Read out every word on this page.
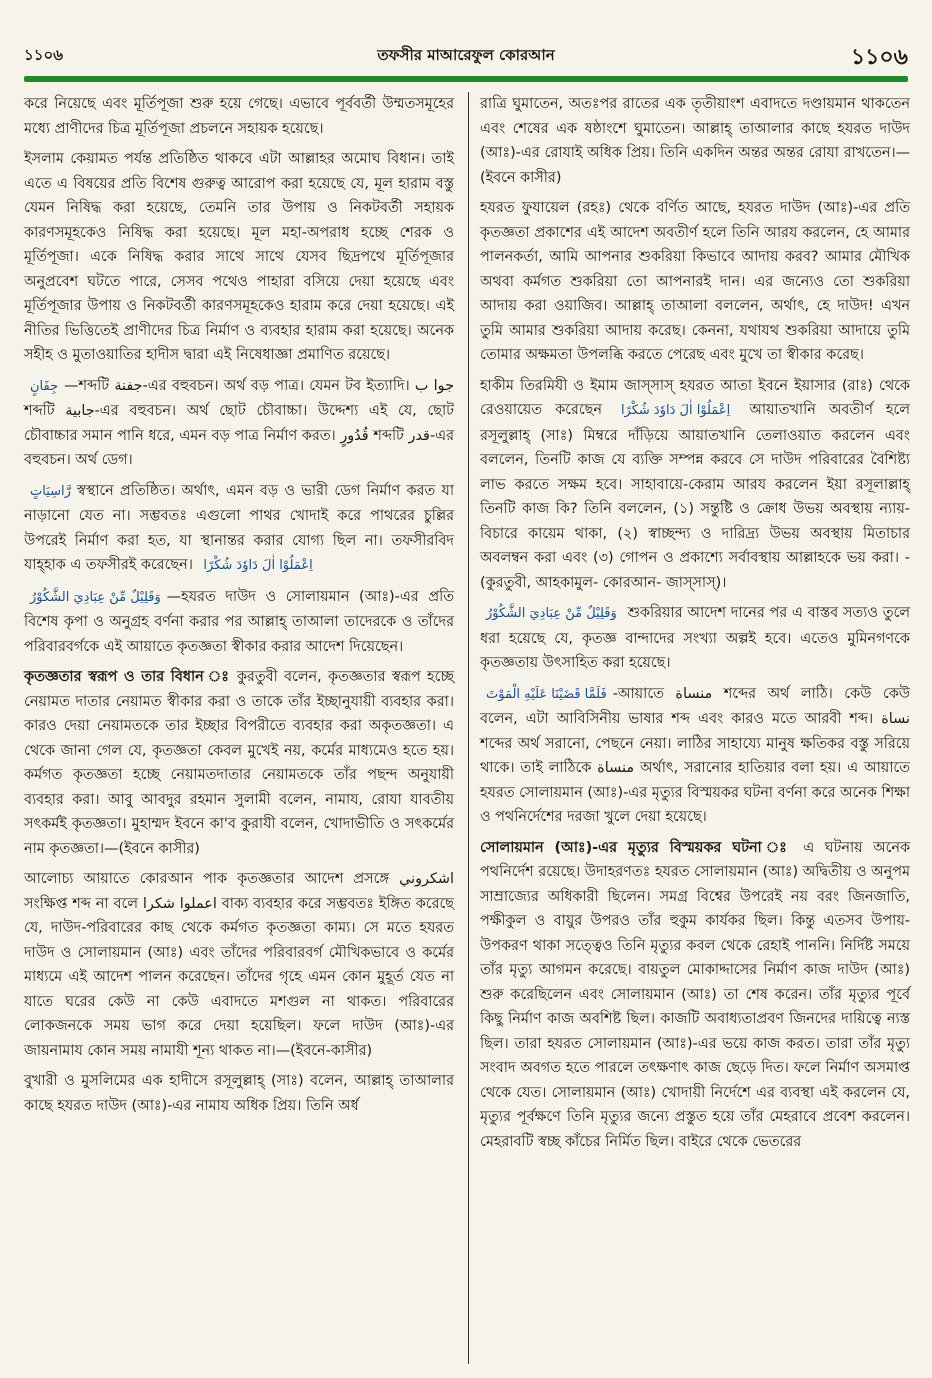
১১০৬	তফসীর মাআরেফুল কোরআন	১১০৬

করে নিয়েছে এবং মূর্তিপূজা শুরু হয়ে গেছে। এভাবে পূর্ববর্তী উম্মতসমূহের মধ্যে প্রাণীদের চিত্র মূর্তিপূজা প্রচলনে সহায়ক হয়েছে।

ইসলাম কেয়ামত পর্যন্ত প্রতিষ্ঠিত থাকবে এটা আল্লাহর অমোঘ বিধান। তাই এতে এ বিষয়ের প্রতি বিশেষ গুরুত্ব আরোপ করা হয়েছে যে, মূল হারাম বস্তু যেমন নিষিদ্ধ করা হয়েছে, তেমনি তার উপায় ও নিকটবর্তী সহায়ক কারণসমূহকেও নিষিদ্ধ করা হয়েছে। মূল মহা-অপরাধ হচ্ছে শেরক ও মূর্তিপূজা। একে নিষিদ্ধ করার সাথে সাথে যেসব ছিদ্রপথে মূর্তিপূজার অনুপ্রবেশ ঘটতে পারে, সেসব পথেও পাহারা বসিয়ে দেয়া হয়েছে এবং মূর্তিপূজার উপায় ও নিকটবর্তী কারণসমূহকেও হারাম করে দেয়া হয়েছে। এই নীতির ভিত্তিতেই প্রাণীদের চিত্র নির্মাণ ও ব্যবহার হারাম করা হয়েছে। অনেক সহীহ ও মুতাওয়াতির হাদীস দ্বারা এই নিষেধাজ্ঞা প্রমাণিত রয়েছে।

جِفَانٍ —শব্দটি جفنة-এর বহুবচন। অর্থ বড় পাত্র। যেমন টব ইত্যাদি। جوا ب শব্দটি جابية-এর বহুবচন। অর্থ ছোট চৌবাচ্চা। উদ্দেশ্য এই যে, ছোট চৌবাচ্চার সমান পানি ধরে, এমন বড় পাত্র নির্মাণ করত। قُدُورٍ শব্দটি قدر-এর বহুবচন। অর্থ ডেগ।

رَّاسِيَاتٍ স্বস্থানে প্রতিষ্ঠিত। অর্থাৎ, এমন বড় ও ভারী ডেগ নির্মাণ করত যা নাড়ানো যেত না। সম্ভবতঃ এগুলো পাথর খোদাই করে পাথরের চুল্লির উপরেই নির্মাণ করা হত, যা স্থানান্তর করার যোগ্য ছিল না। তফসীরবিদ যাহ্‌হাক এ তফসীরই করেছেন। اِعْمَلُوْا اٰلَ دَاوٗدَ شُكْرًا

وَقَلِيْلٌ مِّنْ عِبَادِيَ الشَّكُوْرُ —হযরত দাউদ ও সোলায়মান (আঃ)-এর প্রতি বিশেষ কৃপা ও অনুগ্রহ বর্ণনা করার পর আল্লাহ্ তাআলা তাদেরকে ও তাঁদের পরিবারবর্গকে এই আয়াতে কৃতজ্ঞতা স্বীকার করার আদেশ দিয়েছেন।

কৃতজ্ঞতার স্বরূপ ও তার বিধান ঃ কুরতুবী বলেন, কৃতজ্ঞতার স্বরূপ হচ্ছে নেয়ামত দাতার নেয়ামত স্বীকার করা ও তাকে তাঁর ইচ্ছানুযায়ী ব্যবহার করা। কারও দেয়া নেয়ামতকে তার ইচ্ছার বিপরীতে ব্যবহার করা অকৃতজ্ঞতা। এ থেকে জানা গেল যে, কৃতজ্ঞতা কেবল মুখেই নয়, কর্মের মাধ্যমেও হতে হয়। কর্মগত কৃতজ্ঞতা হচ্ছে নেয়ামতদাতার নেয়ামতকে তাঁর পছন্দ অনুযায়ী ব্যবহার করা। আবু আবদুর রহমান সুলামী বলেন, নামায, রোযা যাবতীয় সৎকর্মই কৃতজ্ঞতা। মুহাম্মদ ইবনে কা'ব কুরাযী বলেন, খোদাভীতি ও সৎকর্মের নাম কৃতজ্ঞতা।—(ইবনে কাসীর)

আলোচ্য আয়াতে কোরআন পাক কৃতজ্ঞতার আদেশ প্রসঙ্গে اشكروني সংক্ষিপ্ত শব্দ না বলে اعملوا شكرا বাক্য ব্যবহার করে সম্ভবতঃ ইঙ্গিত করেছে যে, দাউদ-পরিবারের কাছ থেকে কর্মগত কৃতজ্ঞতা কাম্য। সে মতে হযরত দাউদ ও সোলায়মান (আঃ) এবং তাঁদের পরিবারবর্গ মৌখিকভাবে ও কর্মের মাধ্যমে এই আদেশ পালন করেছেন। তাঁদের গৃহে এমন কোন মুহূর্ত যেত না যাতে ঘরের কেউ না কেউ এবাদতে মশগুল না থাকত। পরিবারের লোকজনকে সময় ভাগ করে দেয়া হয়েছিল। ফলে দাউদ (আঃ)-এর জায়নামায কোন সময় নামাযী শূন্য থাকত না।—(ইবনে-কাসীর)

বুখারী ও মুসলিমের এক হাদীসে রসূলুল্লাহ্ (সাঃ) বলেন, আল্লাহ্ তাআলার কাছে হযরত দাউদ (আঃ)-এর নামায অধিক প্রিয়। তিনি অর্ধ

রাত্রি ঘুমাতেন, অতঃপর রাতের এক তৃতীয়াংশ এবাদতে দণ্ডায়মান থাকতেন এবং শেষের এক ষষ্ঠাংশে ঘুমাতেন। আল্লাহ্ তাআলার কাছে হযরত দাউদ (আঃ)-এর রোযাই অধিক প্রিয়। তিনি একদিন অন্তর অন্তর রোযা রাখতেন।—(ইবনে কাসীর)

হযরত ফুযায়েল (রহঃ) থেকে বর্ণিত আছে, হযরত দাউদ (আঃ)-এর প্রতি কৃতজ্ঞতা প্রকাশের এই আদেশ অবতীর্ণ হলে তিনি আরয করলেন, হে আমার পালনকর্তা, আমি আপনার শুকরিয়া কিভাবে আদায় করব? আমার মৌখিক অথবা কর্মগত শুকরিয়া তো আপনারই দান। এর জন্যেও তো শুকরিয়া আদায় করা ওয়াজিব। আল্লাহ্ তাআলা বললেন, অর্থাৎ, হে দাউদ! এখন তুমি আমার শুকরিয়া আদায় করেছ। কেননা, যথাযথ শুকরিয়া আদায়ে তুমি তোমার অক্ষমতা উপলব্ধি করতে পেরেছ এবং মুখে তা স্বীকার করেছ।

হাকীম তিরমিযী ও ইমাম জাস্‌সাস্ হযরত আতা ইবনে ইয়াসার (রাঃ) থেকে রেওয়ায়েত করেছেন اِعْمَلُوْا اٰلَ دَاوٗدَ شُكْرًا আয়াতখানি অবতীর্ণ হলে রসূলুল্লাহ্ (সাঃ) মিম্বরে দাঁড়িয়ে আয়াতখানি তেলাওয়াত করলেন এবং বললেন, তিনটি কাজ যে ব্যক্তি সম্পন্ন করবে সে দাউদ পরিবারের বৈশিষ্ট্য লাভ করতে সক্ষম হবে। সাহাবায়ে-কেরাম আরয করলেন ইয়া রসূলাল্লাহ্ তিনটি কাজ কি? তিনি বললেন, (১) সন্তুষ্টি ও ক্রোধ উভয় অবস্থায় ন্যায়-বিচারে কায়েম থাকা, (২) স্বাচ্ছন্দ্য ও দারিদ্র্য উভয় অবস্থায় মিতাচার অবলম্বন করা এবং (৩) গোপন ও প্রকাশ্যে সর্বাবস্থায় আল্লাহকে ভয় করা। -(কুরতুবী, আহকামুল- কোরআন- জাস্‌সাস্)।

وَقَلِيْلٌ مِّنْ عِبَادِيَ الشَّكُوْرُ শুকরিয়ার আদেশ দানের পর এ বাস্তব সত্যও তুলে ধরা হয়েছে যে, কৃতজ্ঞ বান্দাদের সংখ্যা অল্পই হবে। এতেও মুমিনগণকে কৃতজ্ঞতায় উৎসাহিত করা হয়েছে।

فَلَمَّا قَضَيْنَا عَلَيْهِ الْمَوْتَ -আয়াতে منساة শব্দের অর্থ লাঠি। কেউ কেউ বলেন, এটা আবিসিনীয় ভাষার শব্দ এবং কারও মতে আরবী শব্দ। نساة শব্দের অর্থ সরানো, পেছনে নেয়া। লাঠির সাহায্যে মানুষ ক্ষতিকর বস্তু সরিয়ে থাকে। তাই লাঠিকে منساة অর্থাৎ, সরানোর হাতিয়ার বলা হয়। এ আয়াতে হযরত সোলায়মান (আঃ)-এর মৃত্যুর বিস্ময়কর ঘটনা বর্ণনা করে অনেক শিক্ষা ও পথনির্দেশের দরজা খুলে দেয়া হয়েছে।

সোলায়মান (আঃ)-এর মৃত্যুর বিস্ময়কর ঘটনা ঃ এ ঘটনায় অনেক পথনির্দেশ রয়েছে। উদাহরণতঃ হযরত সোলায়মান (আঃ) অদ্বিতীয় ও অনুপম সাম্রাজ্যের অধিকারী ছিলেন। সমগ্র বিশ্বের উপরেই নয় বরং জিনজাতি, পক্ষীকুল ও বায়ুর উপরও তাঁর হুকুম কার্যকর ছিল। কিন্তু এতসব উপায়-উপকরণ থাকা সত্ত্বেও তিনি মৃত্যুর কবল থেকে রেহাই পাননি। নির্দিষ্ট সময়ে তাঁর মৃত্যু আগমন করেছে। বায়তুল মোকাদ্দাসের নির্মাণ কাজ দাউদ (আঃ) শুরু করেছিলেন এবং সোলায়মান (আঃ) তা শেষ করেন। তাঁর মৃত্যুর পূর্বে কিছু নির্মাণ কাজ অবশিষ্ট ছিল। কাজটি অবাধ্যতাপ্রবণ জিনদের দায়িত্বে ন্যস্ত ছিল। তারা হযরত সোলায়মান (আঃ)-এর ভয়ে কাজ করত। তারা তাঁর মৃত্যু সংবাদ অবগত হতে পারলে তৎক্ষণাৎ কাজ ছেড়ে দিত। ফলে নির্মাণ অসমাপ্ত থেকে যেত। সোলায়মান (আঃ) খোদায়ী নির্দেশে এর ব্যবস্থা এই করলেন যে, মৃত্যুর পূর্বক্ষণে তিনি মৃত্যুর জন্যে প্রস্তুত হয়ে তাঁর মেহরাবে প্রবেশ করলেন। মেহরাবটি স্বচ্ছ কাঁচের নির্মিত ছিল। বাইরে থেকে ভেতরের
